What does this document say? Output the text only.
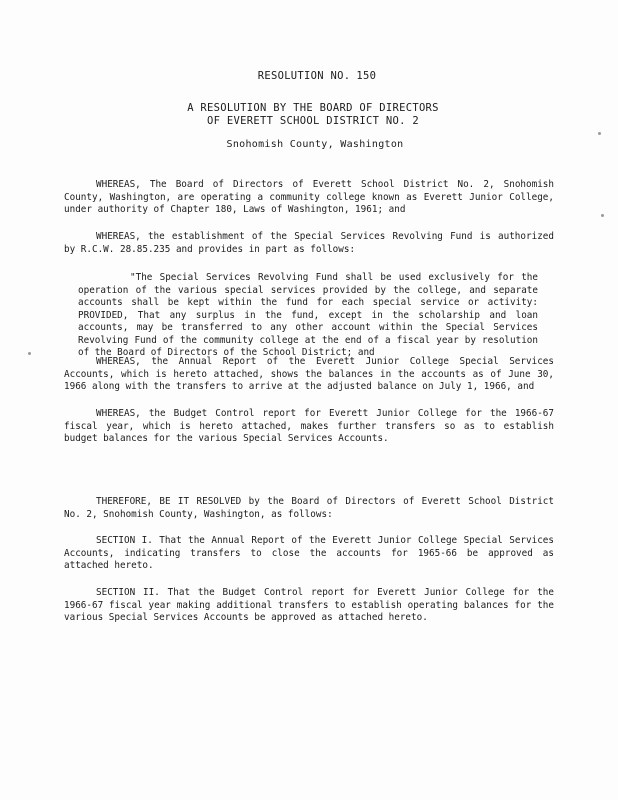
RESOLUTION NO. 150
A RESOLUTION BY THE BOARD OF DIRECTORS
OF EVERETT SCHOOL DISTRICT NO. 2
Snohomish County, Washington

WHEREAS, The Board of Directors of Everett School District No. 2, Snohomish County, Washington, are operating a community college known as Everett Junior College, under authority of Chapter 180, Laws of Washington, 1961; and

WHEREAS, the establishment of the Special Services Revolving Fund is authorized by R.C.W. 28.85.235 and provides in part as follows:

"The Special Services Revolving Fund shall be used exclusively for the operation of the various special services provided by the college, and separate accounts shall be kept within the fund for each special service or activity: PROVIDED, That any surplus in the fund, except in the scholarship and loan accounts, may be transferred to any other account within the Special Services Revolving Fund of the community college at the end of a fiscal year by resolution of the Board of Directors of the School District; and

WHEREAS, the Annual Report of the Everett Junior College Special Services Accounts, which is hereto attached, shows the balances in the accounts as of June 30, 1966 along with the transfers to arrive at the adjusted balance on July 1, 1966, and

WHEREAS, the Budget Control report for Everett Junior College for the 1966-67 fiscal year, which is hereto attached, makes further transfers so as to establish budget balances for the various Special Services Accounts.

THEREFORE, BE IT RESOLVED by the Board of Directors of Everett School District No. 2, Snohomish County, Washington, as follows:

SECTION I. That the Annual Report of the Everett Junior College Special Services Accounts, indicating transfers to close the accounts for 1965-66 be approved as attached hereto.

SECTION II. That the Budget Control report for Everett Junior College for the 1966-67 fiscal year making additional transfers to establish operating balances for the various Special Services Accounts be approved as attached hereto.
